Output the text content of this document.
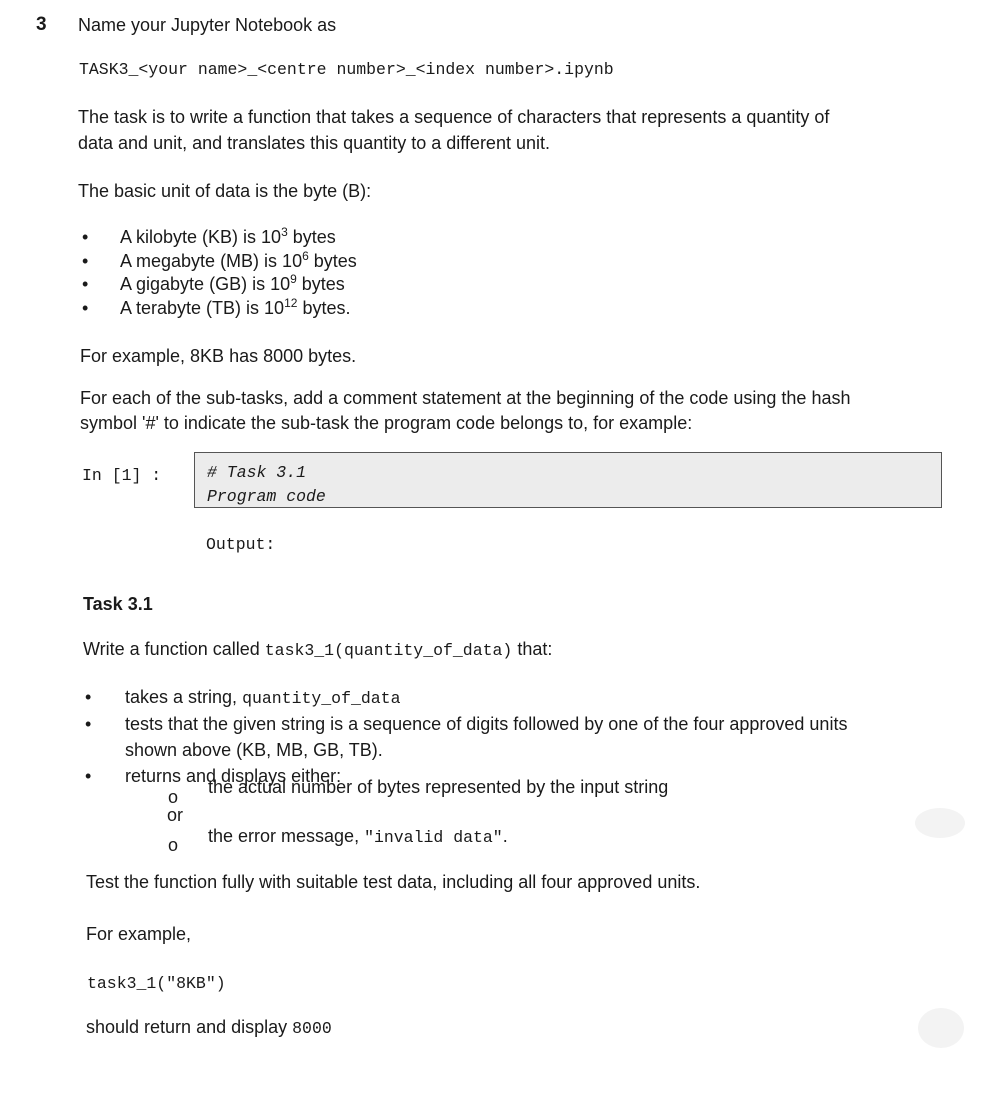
3 Name your Jupyter Notebook as
TASK3_<your name>_<centre number>_<index number>.ipynb
The task is to write a function that takes a sequence of characters that represents a quantity of
data and unit, and translates this quantity to a different unit.
The basic unit of data is the byte (B):
• A kilobyte (KB) is $10^3$ bytes
• A megabyte (MB) is $10^6$ bytes
• A gigabyte (GB) is $10^9$ bytes
• A terabyte (TB) is $10^{12}$ bytes.
For example, 8KB has 8000 bytes.
For each of the sub-tasks, add a comment statement at the beginning of the code using the hash
symbol '#' to indicate the sub-task the program code belongs to, for example:
In [1] :	# Task 3.1
Program code
Output:
Task 3.1
Write a function called task3_1(quantity_of_data) that:
• takes a string, quantity_of_data
• tests that the given string is a sequence of digits followed by one of the four approved units
shown above (KB, MB, GB, TB).
• returns and displays either:
o the actual number of bytes represented by the input string
or
o the error message, "invalid data".
Test the function fully with suitable test data, including all four approved units.
For example,
task3_1("8KB")
should return and display 8000
